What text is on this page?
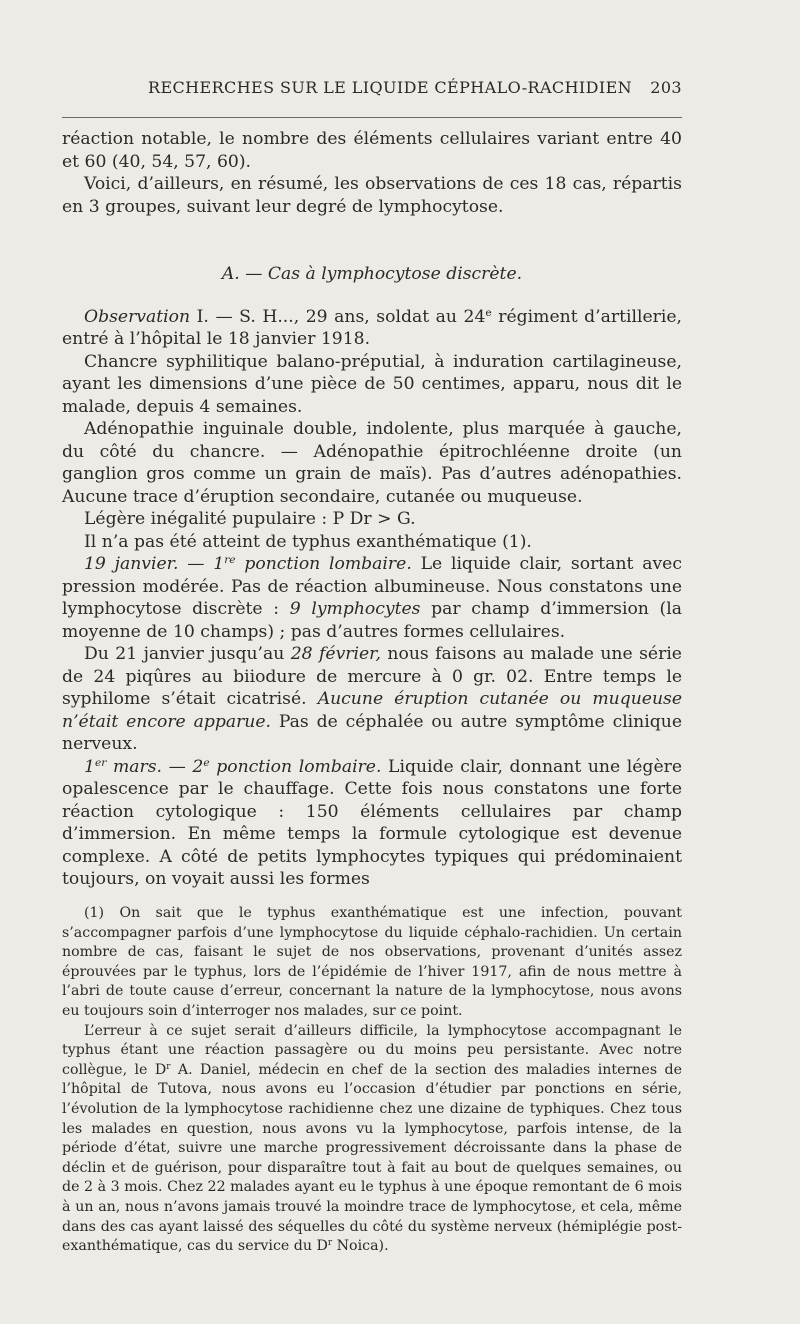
RECHERCHES SUR LE LIQUIDE CÉPHALO-RACHIDIEN 203

réaction notable, le nombre des éléments cellulaires variant entre 40 et 60 (40, 54, 57, 60).

Voici, d’ailleurs, en résumé, les observations de ces 18 cas, répartis en 3 groupes, suivant leur degré de lymphocytose.

A. — Cas à lymphocytose discrète.

Observation I. — S. H..., 29 ans, soldat au 24e régiment d’artillerie, entré à l’hôpital le 18 janvier 1918.

Chancre syphilitique balano-préputial, à induration cartilagineuse, ayant les dimensions d’une pièce de 50 centimes, apparu, nous dit le malade, depuis 4 semaines.

Adénopathie inguinale double, indolente, plus marquée à gauche, du côté du chancre. — Adénopathie épitrochléenne droite (un ganglion gros comme un grain de maïs). Pas d’autres adénopathies. Aucune trace d’éruption secondaire, cutanée ou muqueuse.

Légère inégalité pupulaire : P Dr > G.

Il n’a pas été atteint de typhus exanthématique (1).

19 janvier. — 1re ponction lombaire. Le liquide clair, sortant avec pression modérée. Pas de réaction albumineuse. Nous constatons une lymphocytose discrète : 9 lymphocytes par champ d’immersion (la moyenne de 10 champs) ; pas d’autres formes cellulaires.

Du 21 janvier jusqu’au 28 février, nous faisons au malade une série de 24 piqûres au biiodure de mercure à 0 gr. 02. Entre temps le syphilome s’était cicatrisé. Aucune éruption cutanée ou muqueuse n’était encore apparue. Pas de céphalée ou autre symptôme clinique nerveux.

1er mars. — 2e ponction lombaire. Liquide clair, donnant une légère opalescence par le chauffage. Cette fois nous constatons une forte réaction cytologique : 150 éléments cellulaires par champ d’immersion. En même temps la formule cytologique est devenue complexe. A côté de petits lymphocytes typiques qui prédominaient toujours, on voyait aussi les formes

(1) On sait que le typhus exanthématique est une infection, pouvant s’accompagner parfois d’une lymphocytose du liquide céphalo-rachidien. Un certain nombre de cas, faisant le sujet de nos observations, provenant d’unités assez éprouvées par le typhus, lors de l’épidémie de l’hiver 1917, afin de nous mettre à l’abri de toute cause d’erreur, concernant la nature de la lymphocytose, nous avons eu toujours soin d’interroger nos malades, sur ce point.

L’erreur à ce sujet serait d’ailleurs difficile, la lymphocytose accompagnant le typhus étant une réaction passagère ou du moins peu persistante. Avec notre collègue, le $D^r$ A. Daniel, médecin en chef de la section des maladies internes de l’hôpital de Tutova, nous avons eu l’occasion d’étudier par ponctions en série, l’évolution de la lymphocytose rachidienne chez une dizaine de typhiques. Chez tous les malades en question, nous avons vu la lymphocytose, parfois intense, de la période d’état, suivre une marche progressivement décroissante dans la phase de déclin et de guérison, pour disparaître tout à fait au bout de quelques semaines, ou de 2 à 3 mois. Chez 22 malades ayant eu le typhus à une époque remontant de 6 mois à un an, nous n’avons jamais trouvé la moindre trace de lymphocytose, et cela, même dans des cas ayant laissé des séquelles du côté du système nerveux (hémiplégie post-exanthématique, cas du service du $D^r$ Noica).
